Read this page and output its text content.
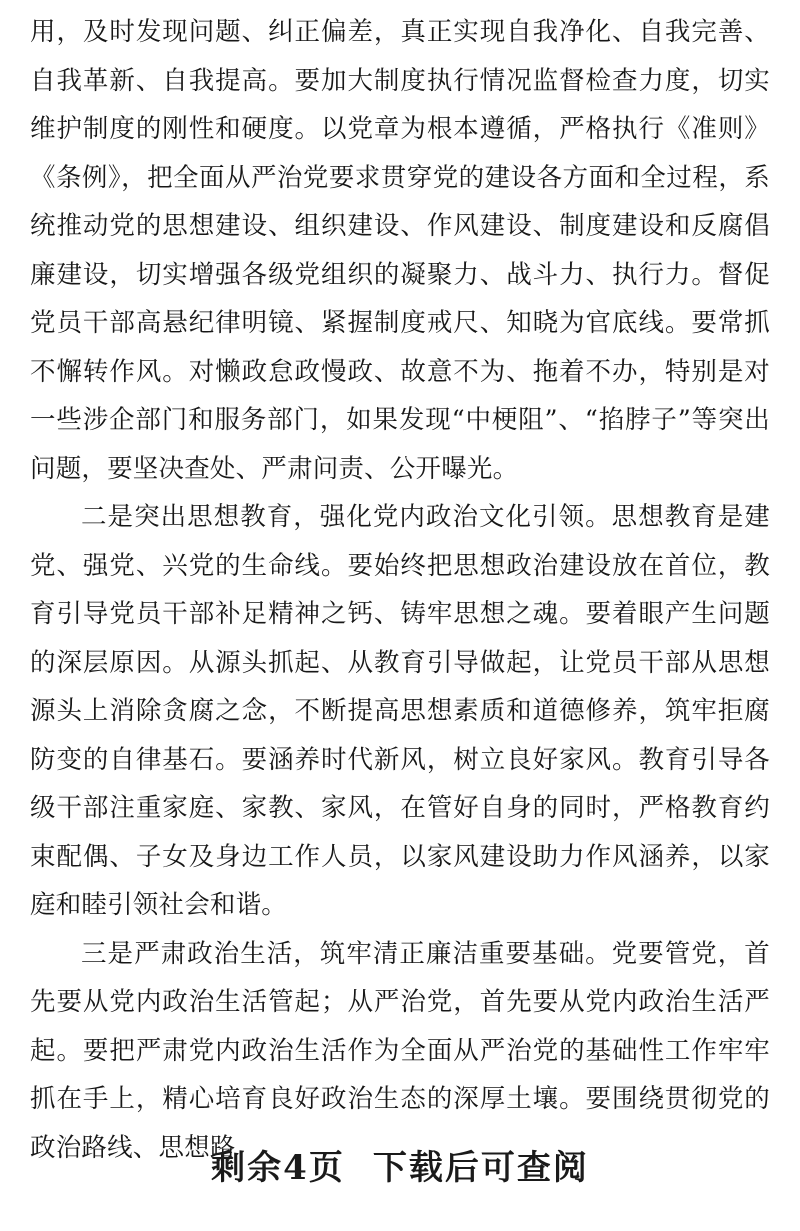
用，及时发现问题、纠正偏差，真正实现自我净化、自我完善、自我革新、自我提高。要加大制度执行情况监督检查力度，切实维护制度的刚性和硬度。以党章为根本遵循，严格执行《准则》《条例》，把全面从严治党要求贯穿党的建设各方面和全过程，系统推动党的思想建设、组织建设、作风建设、制度建设和反腐倡廉建设，切实增强各级党组织的凝聚力、战斗力、执行力。督促党员干部高悬纪律明镜、紧握制度戒尺、知晓为官底线。要常抓不懈转作风。对懒政怠政慢政、故意不为、拖着不办，特别是对一些涉企部门和服务部门，如果发现“中梗阻”、“掐脖子”等突出问题，要坚决查处、严肃问责、公开曝光。

二是突出思想教育，强化党内政治文化引领。思想教育是建党、强党、兴党的生命线。要始终把思想政治建设放在首位，教育引导党员干部补足精神之钙、铸牢思想之魂。要着眼产生问题的深层原因。从源头抓起、从教育引导做起，让党员干部从思想源头上消除贪腐之念，不断提高思想素质和道德修养，筑牢拒腐防变的自律基石。要涵养时代新风，树立良好家风。教育引导各级干部注重家庭、家教、家风，在管好自身的同时，严格教育约束配偶、子女及身边工作人员，以家风建设助力作风涵养，以家庭和睦引领社会和谐。

三是严肃政治生活，筑牢清正廉洁重要基础。党要管党，首先要从党内政治生活管起；从严治党，首先要从党内政治生活严起。要把严肃党内政治生活作为全面从严治党的基础性工作牢牢抓在手上，精心培育良好政治生态的深厚土壤。要围绕贯彻党的政治路线、思想路

剩余4页 下载后可查阅
